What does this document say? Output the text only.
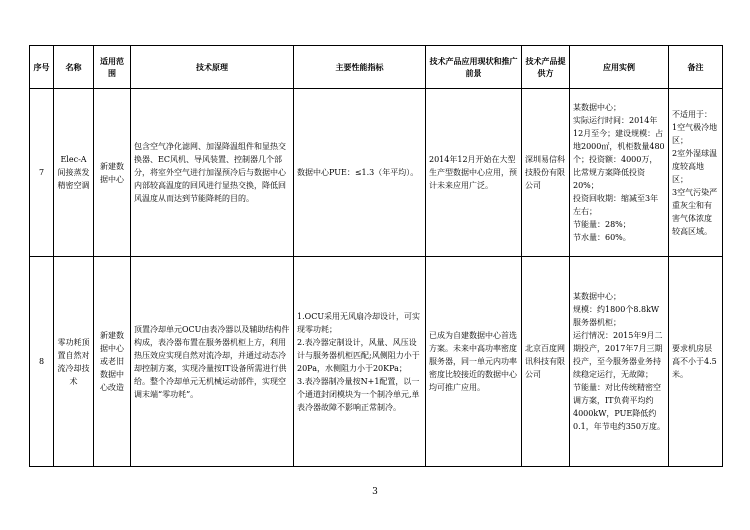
序号	名称	适用范围	技术原理	主要性能指标	技术产品应用现状和推广前景	技术产品提供方	应用实例	备注
7	Elec-A间接蒸发精密空调	新建数据中心	包含空气净化滤网、加湿降温组件和显热交换器、EC风机、导风装置、控制器几个部分，将室外空气进行加湿预冷后与数据中心内部较高温度的回风进行显热交换，降低回风温度从而达到节能降耗的目的。	数据中心PUE：≤1.3（年平均）。	2014年12月开始在大型生产型数据中心应用，预计未来应用广泛。	深圳易信科技股份有限公司	某数据中心；
实际运行时间：2014年12月至今；建设规模：占地2000㎡，机柜数量480个；投资额：4000万，比常规方案降低投资20%；
投资回收期：缩减至3年左右；
节能量：28%；
节水量：60%。	不适用于：
1空气极冷地区；
2室外湿球温度较高地区；
3空气污染严重灰尘和有害气体浓度较高区域。

8	零功耗顶置自然对流冷却技术	新建数据中心或老旧数据中心改造	顶置冷却单元OCU由表冷器以及辅助结构件构成，表冷器布置在服务器机柜上方，利用热压效应实现自然对流冷却，并通过动态冷却控制方案，实现冷量按IT设备所需进行供给。整个冷却单元无机械运动部件，实现空调末端“零功耗”。	1.OCU采用无风扇冷却设计，可实现零功耗；
2.表冷器定制设计，风量、风压设计与服务器机柜匹配;风侧阻力小于20Pa，水侧阻力小于20KPa；
3.表冷器制冷量按N+1配置，以一个通道封闭模块为一个制冷单元,单表冷器故障不影响正常制冷。	已成为自建数据中心首选方案。未来中高功率密度服务器，同一单元内功率密度比较接近的数据中心均可推广应用。	北京百度网讯科技有限公司	某数据中心；
规模：约1800个8.8kW服务器机柜；
运行情况：2015年9月二期投产，2017年7月三期投产，至今服务器业务持续稳定运行，无故障；
节能量：对比传统精密空调方案，IT负荷平均约4000kW，PUE降低约0.1，年节电约350万度。	要求机房层高不小于4.5米。
3
